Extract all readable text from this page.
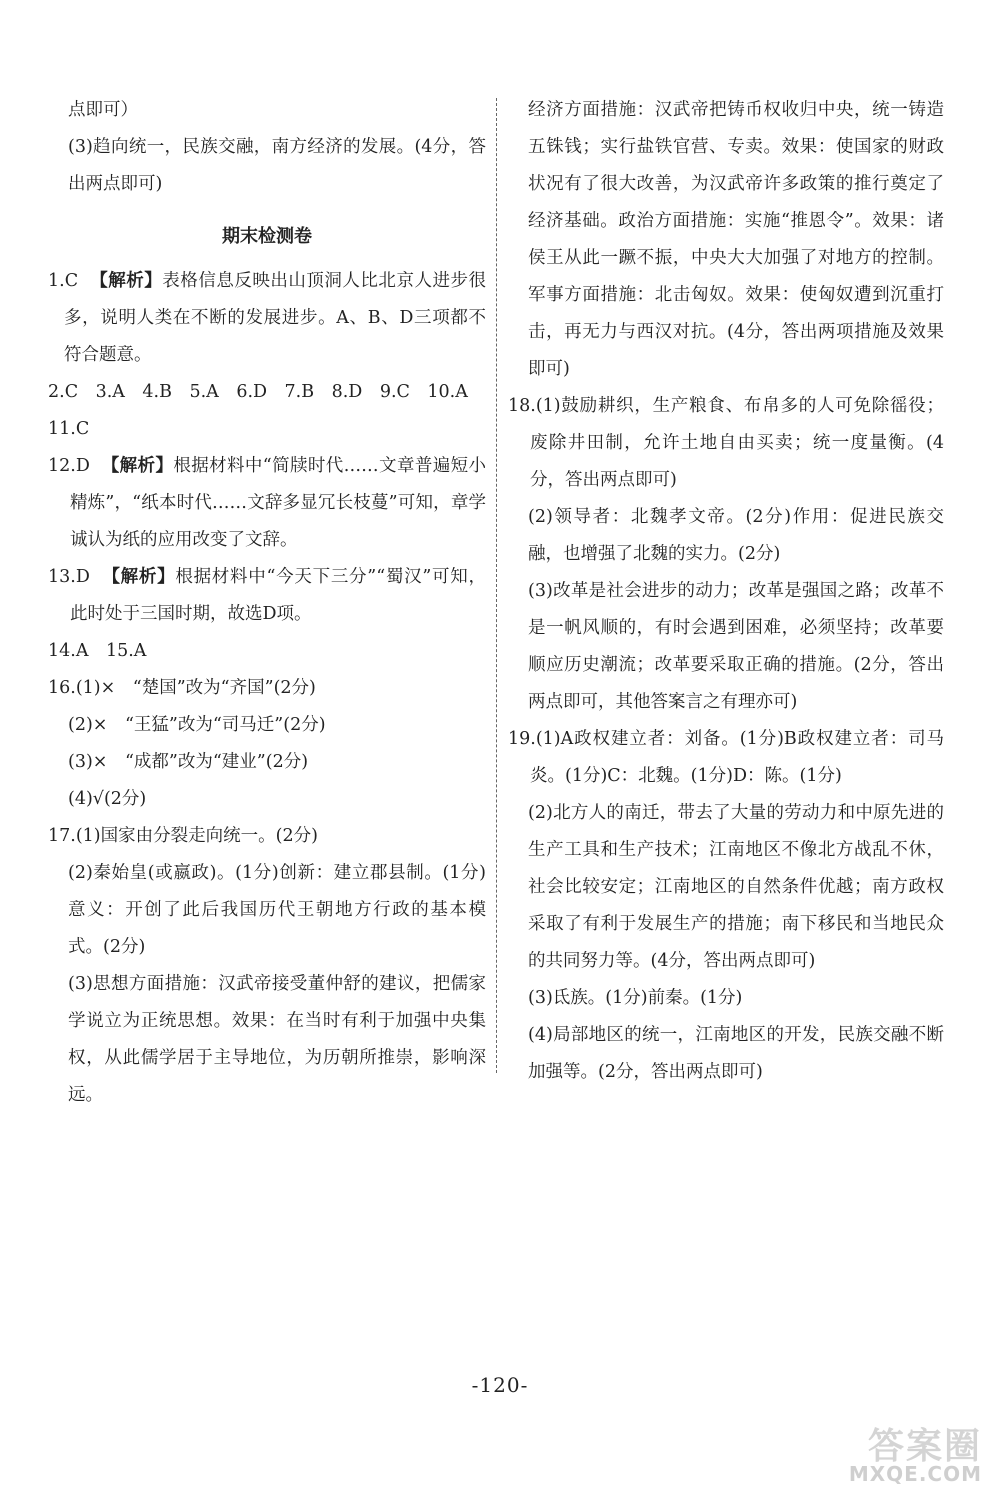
点即可）

(3)趋向统一，民族交融，南方经济的发展。(4分，答出两点即可)

期末检测卷

1.C 【解析】表格信息反映出山顶洞人比北京人进步很多，说明人类在不断的发展进步。A、B、D三项都不符合题意。

2.C　3.A　4.B　5.A　6.D　7.B　8.D　9.C　10.A

11.C

12.D 【解析】根据材料中“简牍时代……文章普遍短小精炼”，“纸本时代……文辞多显冗长枝蔓”可知，章学诚认为纸的应用改变了文辞。

13.D 【解析】根据材料中“今天下三分”“蜀汉”可知，此时处于三国时期，故选D项。

14.A　15.A

16.(1)×　“楚国”改为“齐国”(2分)

(2)×　“王猛”改为“司马迁”(2分)

(3)×　“成都”改为“建业”(2分)

(4)√(2分)

17.(1)国家由分裂走向统一。(2分)

(2)秦始皇(或嬴政)。(1分)创新：建立郡县制。(1分)意义：开创了此后我国历代王朝地方行政的基本模式。(2分)

(3)思想方面措施：汉武帝接受董仲舒的建议，把儒家学说立为正统思想。效果：在当时有利于加强中央集权，从此儒学居于主导地位，为历朝所推崇，影响深远。

经济方面措施：汉武帝把铸币权收归中央，统一铸造五铢钱；实行盐铁官营、专卖。效果：使国家的财政状况有了很大改善，为汉武帝许多政策的推行奠定了经济基础。政治方面措施：实施“推恩令”。效果：诸侯王从此一蹶不振，中央大大加强了对地方的控制。军事方面措施：北击匈奴。效果：使匈奴遭到沉重打击，再无力与西汉对抗。(4分，答出两项措施及效果即可)

18.(1)鼓励耕织，生产粮食、布帛多的人可免除徭役；废除井田制，允许土地自由买卖；统一度量衡。(4分，答出两点即可)

(2)领导者：北魏孝文帝。(2分)作用：促进民族交融，也增强了北魏的实力。(2分)

(3)改革是社会进步的动力；改革是强国之路；改革不是一帆风顺的，有时会遇到困难，必须坚持；改革要顺应历史潮流；改革要采取正确的措施。(2分，答出两点即可，其他答案言之有理亦可)

19.(1)A政权建立者：刘备。(1分)B政权建立者：司马炎。(1分)C：北魏。(1分)D：陈。(1分)

(2)北方人的南迁，带去了大量的劳动力和中原先进的生产工具和生产技术；江南地区不像北方战乱不休，社会比较安定；江南地区的自然条件优越；南方政权采取了有利于发展生产的措施；南下移民和当地民众的共同努力等。(4分，答出两点即可)

(3)氐族。(1分)前秦。(1分)

(4)局部地区的统一，江南地区的开发，民族交融不断加强等。(2分，答出两点即可)

-120-
答案圈
MXQE.COM
